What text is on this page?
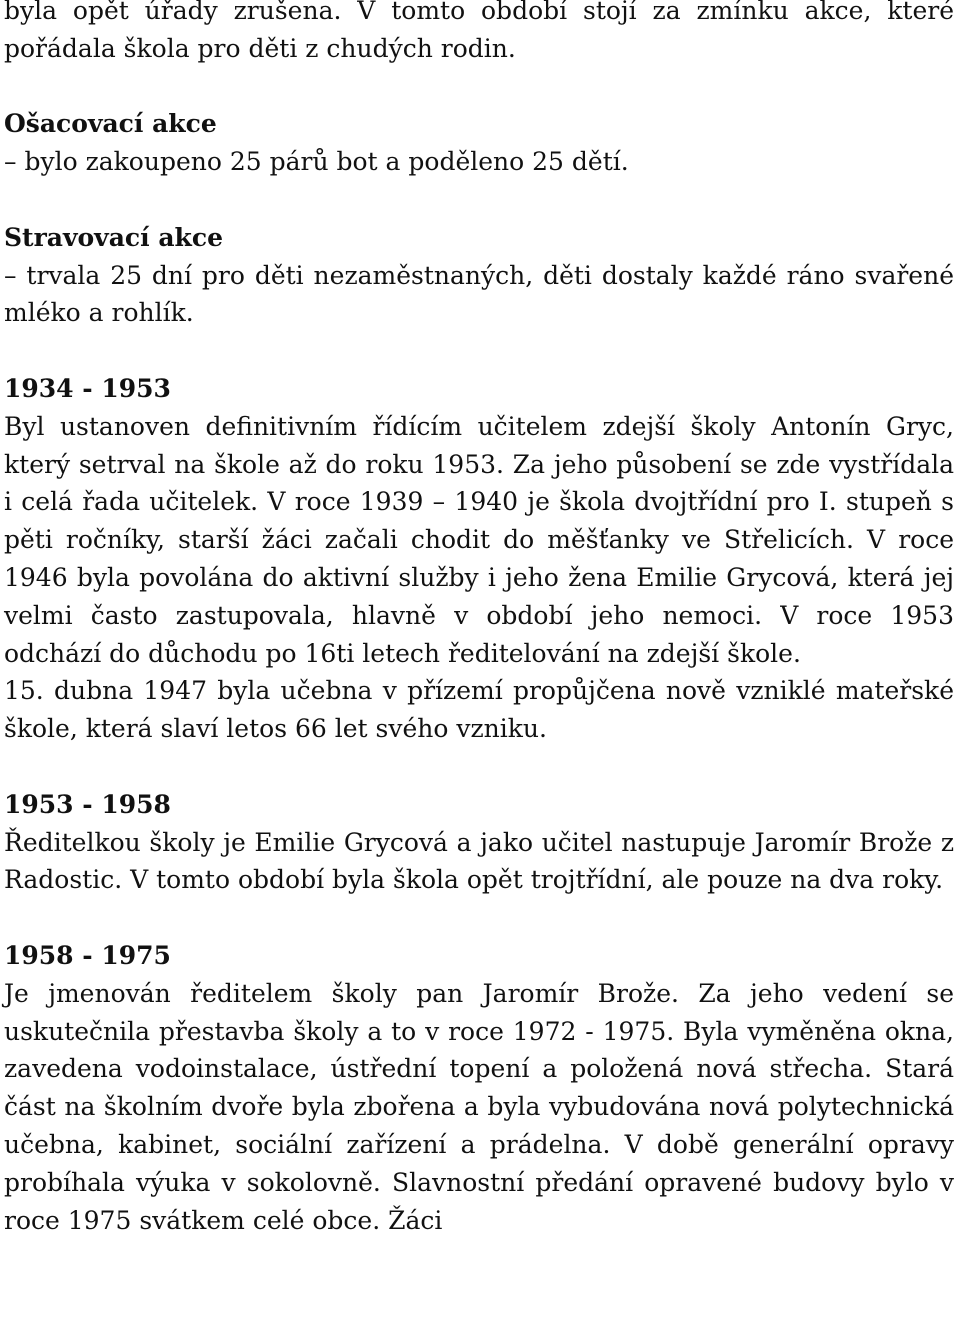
byla opět úřady zrušena. V tomto období stojí za zmínku akce, které pořádala škola pro děti z chudých rodin.

Ošacovací akce

– bylo zakoupeno 25 párů bot a poděleno 25 dětí.

Stravovací akce

– trvala 25 dní pro děti nezaměstnaných, děti dostaly každé ráno svařené mléko a rohlík.

1934 - 1953

Byl ustanoven definitivním řídícím učitelem zdejší školy Antonín Gryc, který setrval na škole až do roku 1953. Za jeho působení se zde vystřídala i celá řada učitelek. V roce 1939 – 1940 je škola dvojtřídní pro I. stupeň s pěti ročníky, starší žáci začali chodit do měšťanky ve Střelicích. V roce 1946 byla povolána do aktivní služby i jeho žena Emilie Grycová, která jej velmi často zastupovala, hlavně v období jeho nemoci. V roce 1953 odchází do důchodu po 16ti letech ředitelování na zdejší škole.

15. dubna 1947 byla učebna v přízemí propůjčena nově vzniklé mateřské škole, která slaví letos 66 let svého vzniku.

1953 - 1958

Ředitelkou školy je Emilie Grycová a jako učitel nastupuje Jaromír Brože z Radostic. V tomto období byla škola opět trojtřídní, ale pouze na dva roky.

1958 - 1975

Je jmenován ředitelem školy pan Jaromír Brože. Za jeho vedení se uskutečnila přestavba školy a to v roce 1972 - 1975. Byla vyměněna okna, zavedena vodoinstalace, ústřední topení a položená nová střecha. Stará část na školním dvoře byla zbořena a byla vybudována nová polytechnická učebna, kabinet, sociální zařízení a prádelna. V době generální opravy probíhala výuka v sokolovně. Slavnostní předání opravené budovy bylo v roce 1975 svátkem celé obce. Žáci
